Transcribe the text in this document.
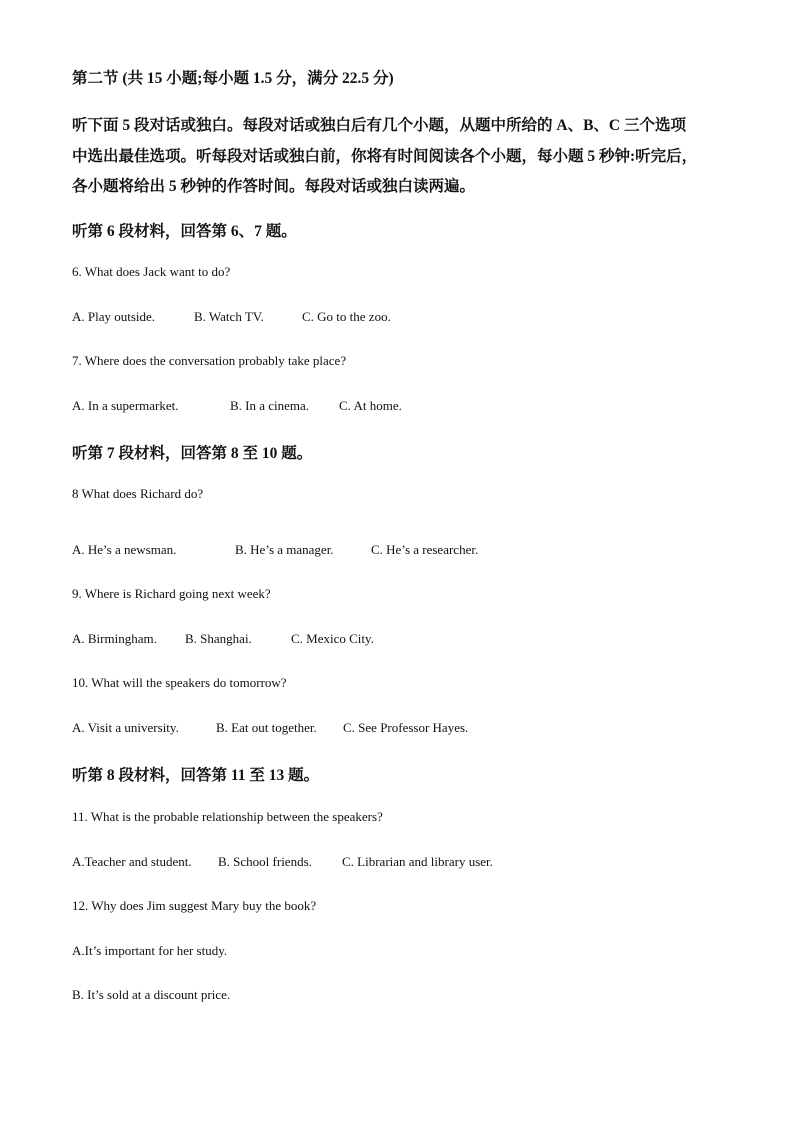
第二节 (共 15 小题;每小题 1.5 分，满分 22.5 分)
听下面 5 段对话或独白。每段对话或独白后有几个小题，从题中所给的 A、B、C 三个选项
中选出最佳选项。听每段对话或独白前，你将有时间阅读各个小题，每小题 5 秒钟:听完后，
各小题将给出 5 秒钟的作答时间。每段对话或独白读两遍。
听第 6 段材料，回答第 6、7 题。
6. What does Jack want to do?
A. Play outside.	B. Watch TV.	C. Go to the zoo.
7. Where does the conversation probably take place?
A. In a supermarket.	B. In a cinema. C. At home.
听第 7 段材料，回答第 8 至 10 题。
8 What does Richard do?
A. He’s a newsman.	B. He’s a manager.	C. He’s a researcher.
9. Where is Richard going next week?
A. Birmingham. B. Shanghai.	C. Mexico City.
10. What will the speakers do tomorrow?
A. Visit a university.	B. Eat out together. C. See Professor Hayes.
听第 8 段材料，回答第 11 至 13 题。
11. What is the probable relationship between the speakers?
A.Teacher and student. B. School friends. C. Librarian and library user.
12. Why does Jim suggest Mary buy the book?
A.It’s important for her study.
B. It’s sold at a discount price.
